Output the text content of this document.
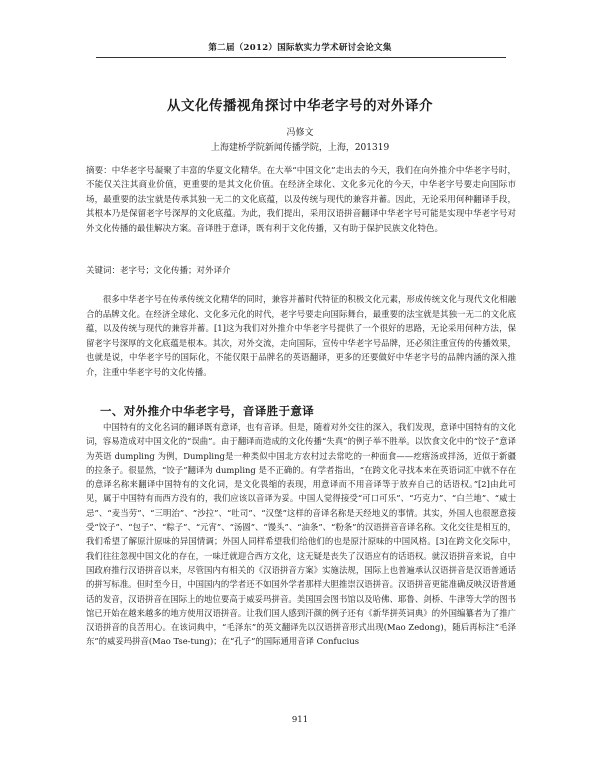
第二届（2012）国际软实力学术研讨会论文集
从文化传播视角探讨中华老字号的对外译介
冯修文
上海建桥学院新闻传播学院，上海，201319

摘要：中华老字号凝聚了丰富的华夏文化精华。在大举“中国文化”走出去的今天，我们在向外推介中华老字号时，不能仅关注其商业价值，更重要的是其文化价值。在经济全球化、文化多元化的今天，中华老字号要走向国际市场，最重要的法宝就是传承其独一无二的文化底蕴，以及传统与现代的兼容并蓄。因此，无论采用何种翻译手段，其根本乃是保留老字号深厚的文化底蕴。为此，我们提出，采用汉语拼音翻译中华老字号可能是实现中华老字号对外文化传播的最佳解决方案。音译胜于意译，既有利于文化传播，又有助于保护民族文化特色。

关键词：老字号；文化传播；对外译介

很多中华老字号在传承传统文化精华的同时，兼容并蓄时代特征的积极文化元素，形成传统文化与现代文化相融合的品牌文化。在经济全球化、文化多元化的时代，老字号要走向国际舞台，最重要的法宝就是其独一无二的文化底蕴，以及传统与现代的兼容并蓄。[1]这为我们对外推介中华老字号提供了一个很好的思路，无论采用何种方法，保留老字号深厚的文化底蕴是根本。其次，对外交流，走向国际，宣传中华老字号品牌，还必须注重宣传的传播效果，也就是说，中华老字号的国际化，不能仅限于品牌名的英语翻译，更多的还要做好中华老字号的品牌内涵的深入推介，注重中华老字号的文化传播。

一、对外推介中华老字号，音译胜于意译

中国特有的文化名词的翻译既有意译，也有音译。但是，随着对外交往的深入，我们发现，意译中国特有的文化词，容易造成对中国文化的“误曲”。由于翻译而造成的文化传播“失真”的例子举不胜举。以饮食文化中的“饺子”意译为英语 dumpling 为例，Dumpling是一种类似中国北方农村过去常吃的一种面食——疙瘩汤或拌汤，近似于新疆的拉条子。很显然，“饺子”翻译为 dumpling 是不正确的。有学者指出，“在跨文化寻找本来在英语词汇中就不存在的意译名称来翻译中国特有的文化词，是文化畏缩的表现，用意译而不用音译等于放弃自己的话语权。”[2]由此可见，属于中国特有而西方没有的，我们应该以音译为妥。中国人觉得接受“可口可乐”、“巧克力”、“白兰地”、“威士忌”、“麦当劳”、“三明治”、“沙拉”、“吐司”、“汉堡”这样的音译名称是天经地义的事情。其实，外国人也很愿意接受“饺子”、“包子”、“粽子”、“元宵”、“汤圆”、“馒头”、“油条”、“粉条”的汉语拼音音译名称。文化交往是相互的，我们希望了解原汁原味的异国情调；外国人同样希望我们给他们的也是原汁原味的中国风格。[3]在跨文化交际中，我们往往忽视中国文化的存在，一味迁就迎合西方文化，这无疑是丧失了汉语应有的话语权。就汉语拼音来说，自中国政府推行汉语拼音以来，尽管国内有相关的《汉语拼音方案》实施法规，国际上也普遍承认汉语拼音是汉语普通话的拼写标准。但时至今日，中国国内的学者还不如国外学者那样大胆推崇汉语拼音。汉语拼音更能准确反映汉语普通话的发音，汉语拼音在国际上的地位要高于威妥玛拼音。美国国会图书馆以及哈佛、耶鲁、剑桥、牛津等大学的图书馆已开始在越来越多的地方使用汉语拼音。让我们国人感到汗颜的例子还有《新华拼英词典》的外国编纂者为了推广汉语拼音的良苦用心。在该词典中，“毛泽东”的英文翻译先以汉语拼音形式出现(Mao Zedong)，随后再标注“毛泽东”的威妥玛拼音(Mao Tse-tung)；在“孔子”的国际通用音译 Confucius

911
